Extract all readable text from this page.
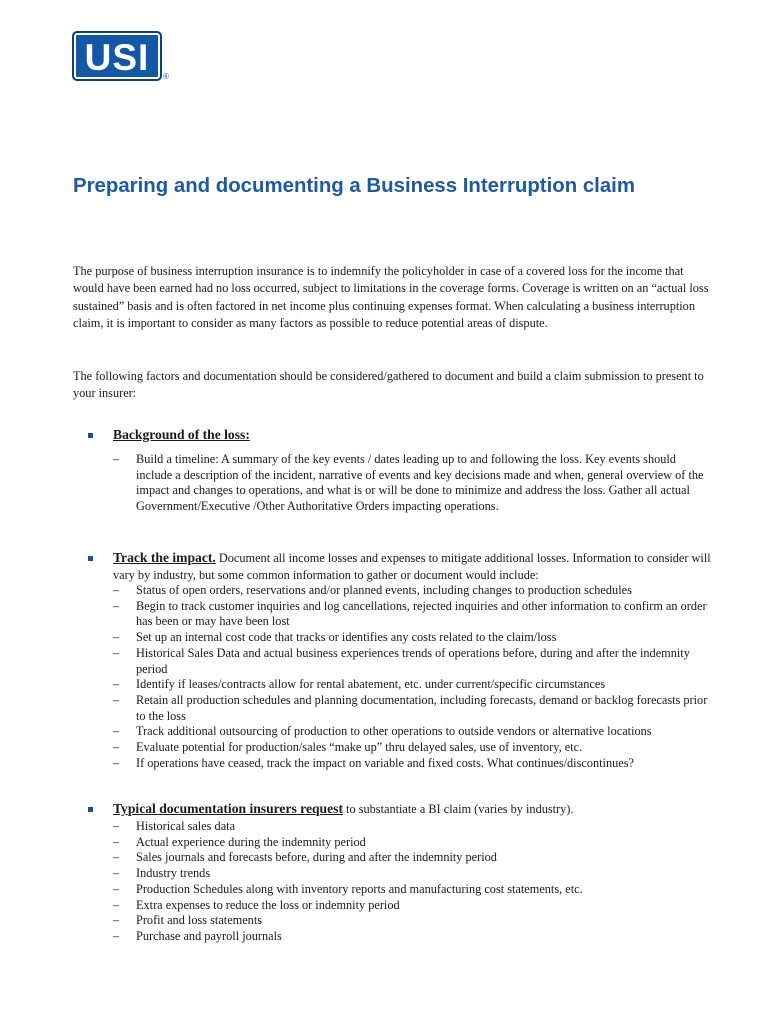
USI ®
Preparing and documenting a Business Interruption claim

The purpose of business interruption insurance is to indemnify the policyholder in case of a covered loss for the income that would have been earned had no loss occurred, subject to limitations in the coverage forms. Coverage is written on an “actual loss sustained” basis and is often factored in net income plus continuing expenses format. When calculating a business interruption claim, it is important to consider as many factors as possible to reduce potential areas of dispute.

The following factors and documentation should be considered/gathered to document and build a claim submission to present to your insurer:

Background of the loss:
– Build a timeline: A summary of the key events / dates leading up to and following the loss. Key events should include a description of the incident, narrative of events and key decisions made and when, general overview of the impact and changes to operations, and what is or will be done to minimize and address the loss. Gather all actual Government/Executive /Other Authoritative Orders impacting operations.
Track the impact. Document all income losses and expenses to mitigate additional losses. Information to consider will vary by industry, but some common information to gather or document would include:
– Status of open orders, reservations and/or planned events, including changes to production schedules
– Begin to track customer inquiries and log cancellations, rejected inquiries and other information to confirm an order has been or may have been lost
– Set up an internal cost code that tracks or identifies any costs related to the claim/loss
– Historical Sales Data and actual business experiences trends of operations before, during and after the indemnity period
– Identify if leases/contracts allow for rental abatement, etc. under current/specific circumstances
– Retain all production schedules and planning documentation, including forecasts, demand or backlog forecasts prior to the loss
– Track additional outsourcing of production to other operations to outside vendors or alternative locations
– Evaluate potential for production/sales “make up” thru delayed sales, use of inventory, etc.
– If operations have ceased, track the impact on variable and fixed costs. What continues/discontinues?
Typical documentation insurers request to substantiate a BI claim (varies by industry).
– Historical sales data
– Actual experience during the indemnity period
– Sales journals and forecasts before, during and after the indemnity period
– Industry trends
– Production Schedules along with inventory reports and manufacturing cost statements, etc.
– Extra expenses to reduce the loss or indemnity period
– Profit and loss statements
– Purchase and payroll journals
